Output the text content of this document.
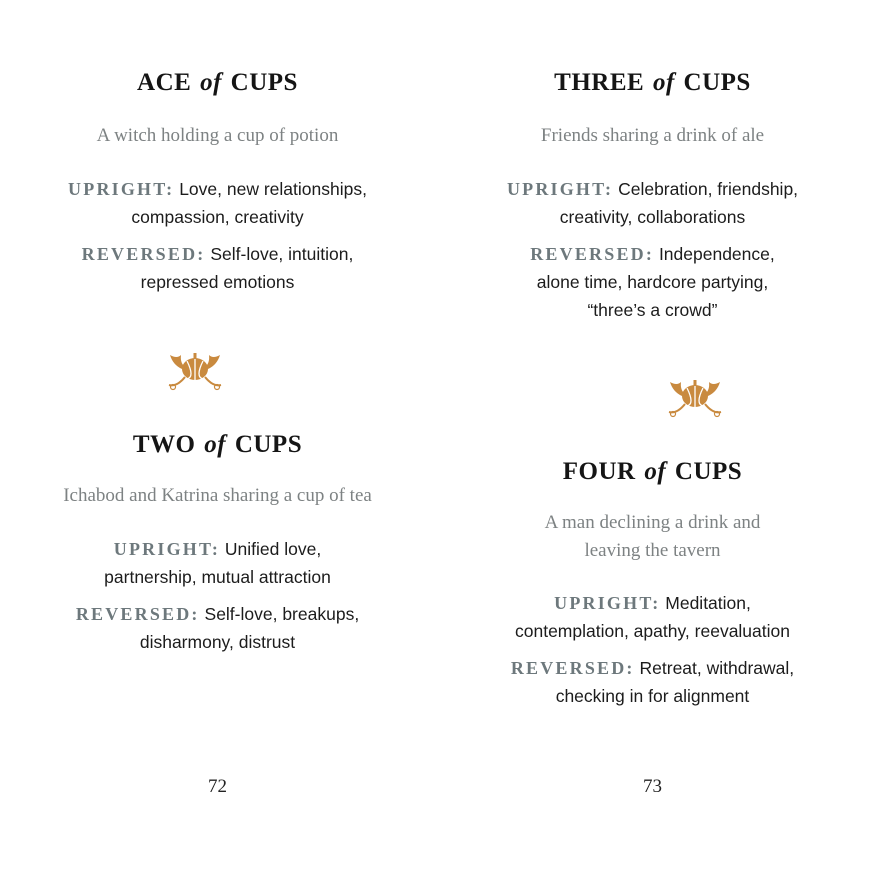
ACE of CUPS

A witch holding a cup of potion

UPRIGHT: Love, new relationships,
compassion, creativity

REVERSED: Self-love, intuition,
repressed emotions

TWO of CUPS

Ichabod and Katrina sharing a cup of tea

UPRIGHT: Unified love,
partnership, mutual attraction

REVERSED: Self-love, breakups,
disharmony, distrust

72
THREE of CUPS

Friends sharing a drink of ale

UPRIGHT: Celebration, friendship,
creativity, collaborations

REVERSED: Independence,
alone time, hardcore partying,
“three’s a crowd”

FOUR of CUPS

A man declining a drink and
leaving the tavern

UPRIGHT: Meditation,
contemplation, apathy, reevaluation

REVERSED: Retreat, withdrawal,
checking in for alignment

73
